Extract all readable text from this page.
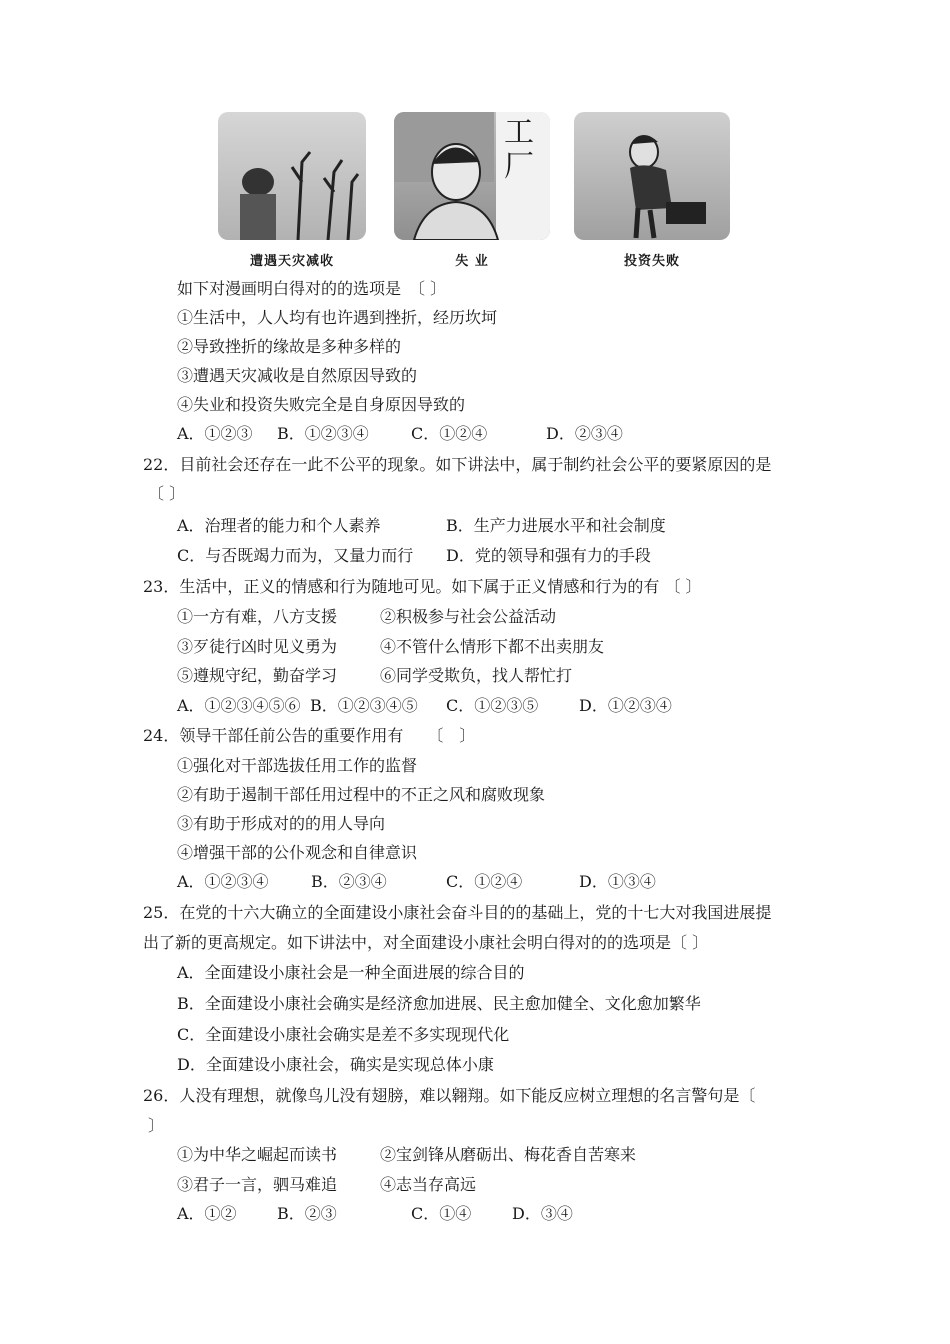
遭遇天灾减收
工
厂
失 业	投资失败
如下对漫画明白得对的的选项是　〔 〕
①生活中，人人均有也许遇到挫折，经历坎坷
②导致挫折的缘故是多种多样的
③遭遇天灾减收是自然原因导致的
④失业和投资失败完全是自身原因导致的
A．①②③ B．①②③④	C．①②④	D．②③④
22．目前社会还存在一此不公平的现象。如下讲法中，属于制约社会公平的要紧原因的是
〔 〕
A．治理者的能力和个人素养	B．生产力进展水平和社会制度
C．与否既竭力而为，又量力而行 D．党的领导和强有力的手段
23．生活中，正义的情感和行为随地可见。如下属于正义情感和行为的有 〔 〕
①一方有难，八方支援	②积极参与社会公益活动
③歹徒行凶时见义勇为	④不管什么情形下都不出卖朋友
⑤遵规守纪，勤奋学习	⑥同学受欺负，找人帮忙打
A．①②③④⑤⑥ B．①②③④⑤ C．①②③⑤	D．①②③④
24．领导干部任前公告的重要作用有　　〔　〕
①强化对干部选拔任用工作的监督
②有助于遏制干部任用过程中的不正之风和腐败现象
③有助于形成对的的用人导向
④增强干部的公仆观念和自律意识
A．①②③④	B．②③④	C．①②④	D．①③④
25．在党的十六大确立的全面建设小康社会奋斗目的的基础上，党的十七大对我国进展提
出了新的更高规定。如下讲法中，对全面建设小康社会明白得对的的选项是〔 〕
A．全面建设小康社会是一种全面进展的综合目的
B．全面建设小康社会确实是经济愈加进展、民主愈加健全、文化愈加繁华
C．全面建设小康社会确实是差不多实现现代化
D．全面建设小康社会，确实是实现总体小康
26．人没有理想，就像鸟儿没有翅膀，难以翱翔。如下能反应树立理想的名言警句是〔
〕
①为中华之崛起而读书	②宝剑锋从磨砺出、梅花香自苦寒来
③君子一言，驷马难追	④志当存高远
A．①②	B．②③	C．①④	D．③④
